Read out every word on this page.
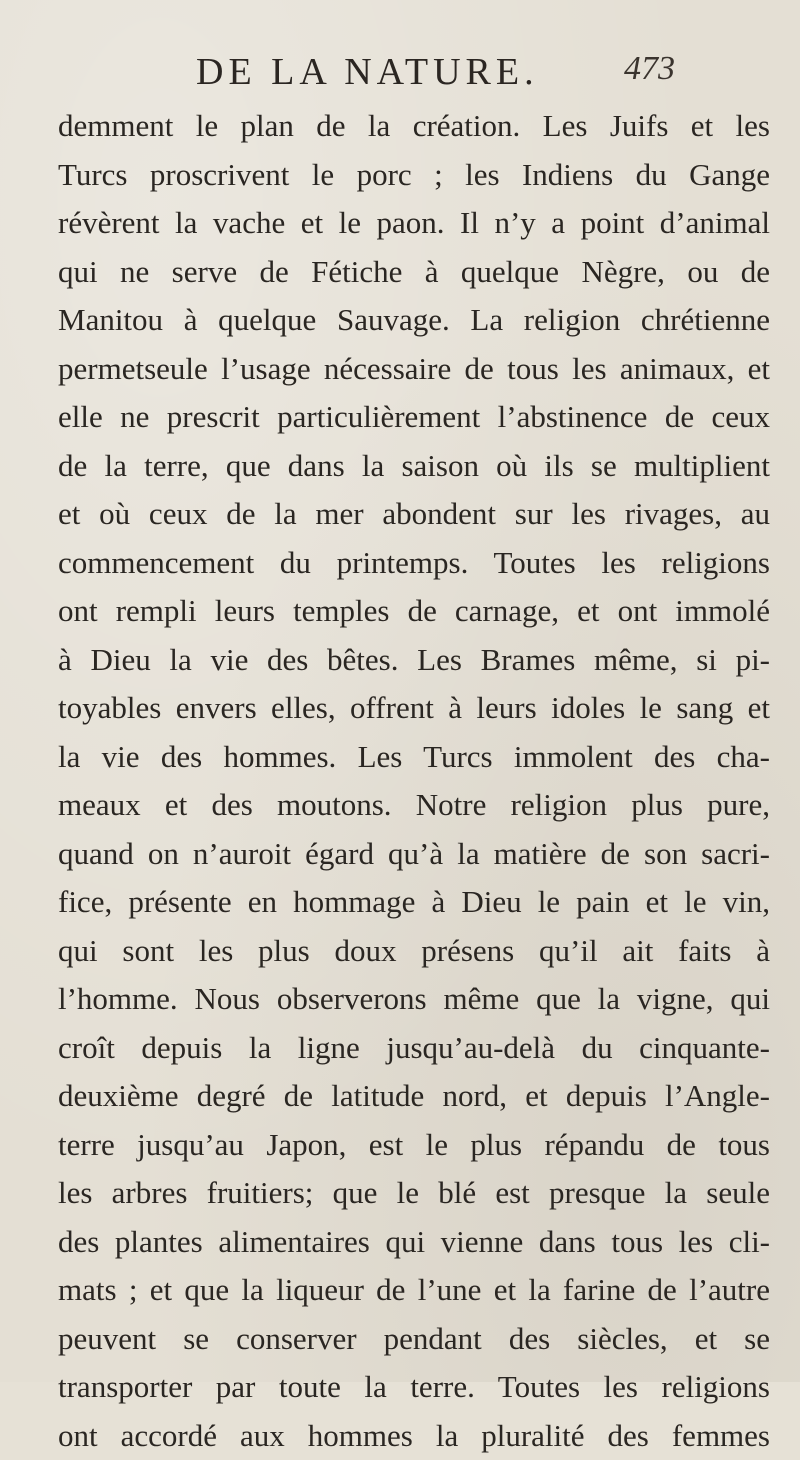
DE LA NATURE.	473
demment le plan de la création. Les Juifs et les
Turcs proscrivent le porc ; les Indiens du Gange
révèrent la vache et le paon. Il n’y a point d’animal
qui ne serve de Fétiche à quelque Nègre, ou de
Manitou à quelque Sauvage. La religion chrétienne
permetseule l’usage nécessaire de tous les animaux, et
elle ne prescrit particulièrement l’abstinence de ceux
de la terre, que dans la saison où ils se multiplient
et où ceux de la mer abondent sur les rivages, au
commencement du printemps. Toutes les religions
ont rempli leurs temples de carnage, et ont immolé
à Dieu la vie des bêtes. Les Brames même, si pi-
toyables envers elles, offrent à leurs idoles le sang et
la vie des hommes. Les Turcs immolent des cha-
meaux et des moutons. Notre religion plus pure,
quand on n’auroit égard qu’à la matière de son sacri-
fice, présente en hommage à Dieu le pain et le vin,
qui sont les plus doux présens qu’il ait faits à
l’homme. Nous observerons même que la vigne, qui
croît depuis la ligne jusqu’au-delà du cinquante-
deuxième degré de latitude nord, et depuis l’Angle-
terre jusqu’au Japon, est le plus répandu de tous
les arbres fruitiers; que le blé est presque la seule
des plantes alimentaires qui vienne dans tous les cli-
mats ; et que la liqueur de l’une et la farine de l’autre
peuvent se conserver pendant des siècles, et se
transporter par toute la terre. Toutes les religions
ont accordé aux hommes la pluralité des femmes
